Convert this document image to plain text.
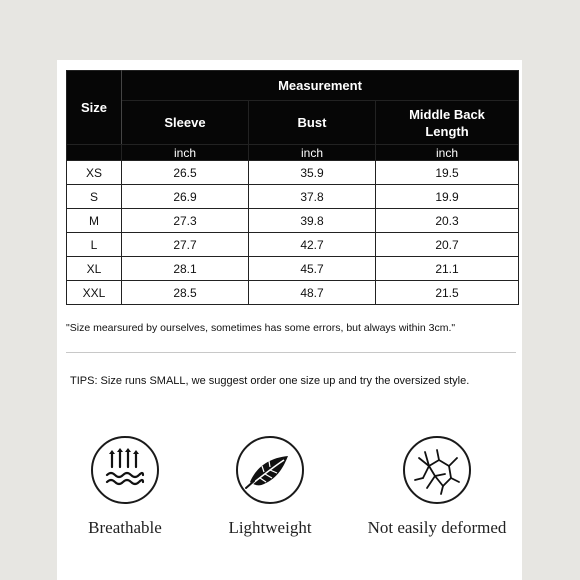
Size	Measurement		
	Sleeve	Bust	Middle Back Length
	inch	inch	inch
XS	26.5	35.9	19.5
S	26.9	37.8	19.9
M	27.3	39.8	20.3
L	27.7	42.7	20.7
XL	28.1	45.7	21.1
XXL	28.5	48.7	21.5
"Size mearsured by ourselves, sometimes has some errors, but always within 3cm."
TIPS: Size runs SMALL, we suggest order one size up and try the oversized style.
Breathable	Lightweight	Not easily deformed
